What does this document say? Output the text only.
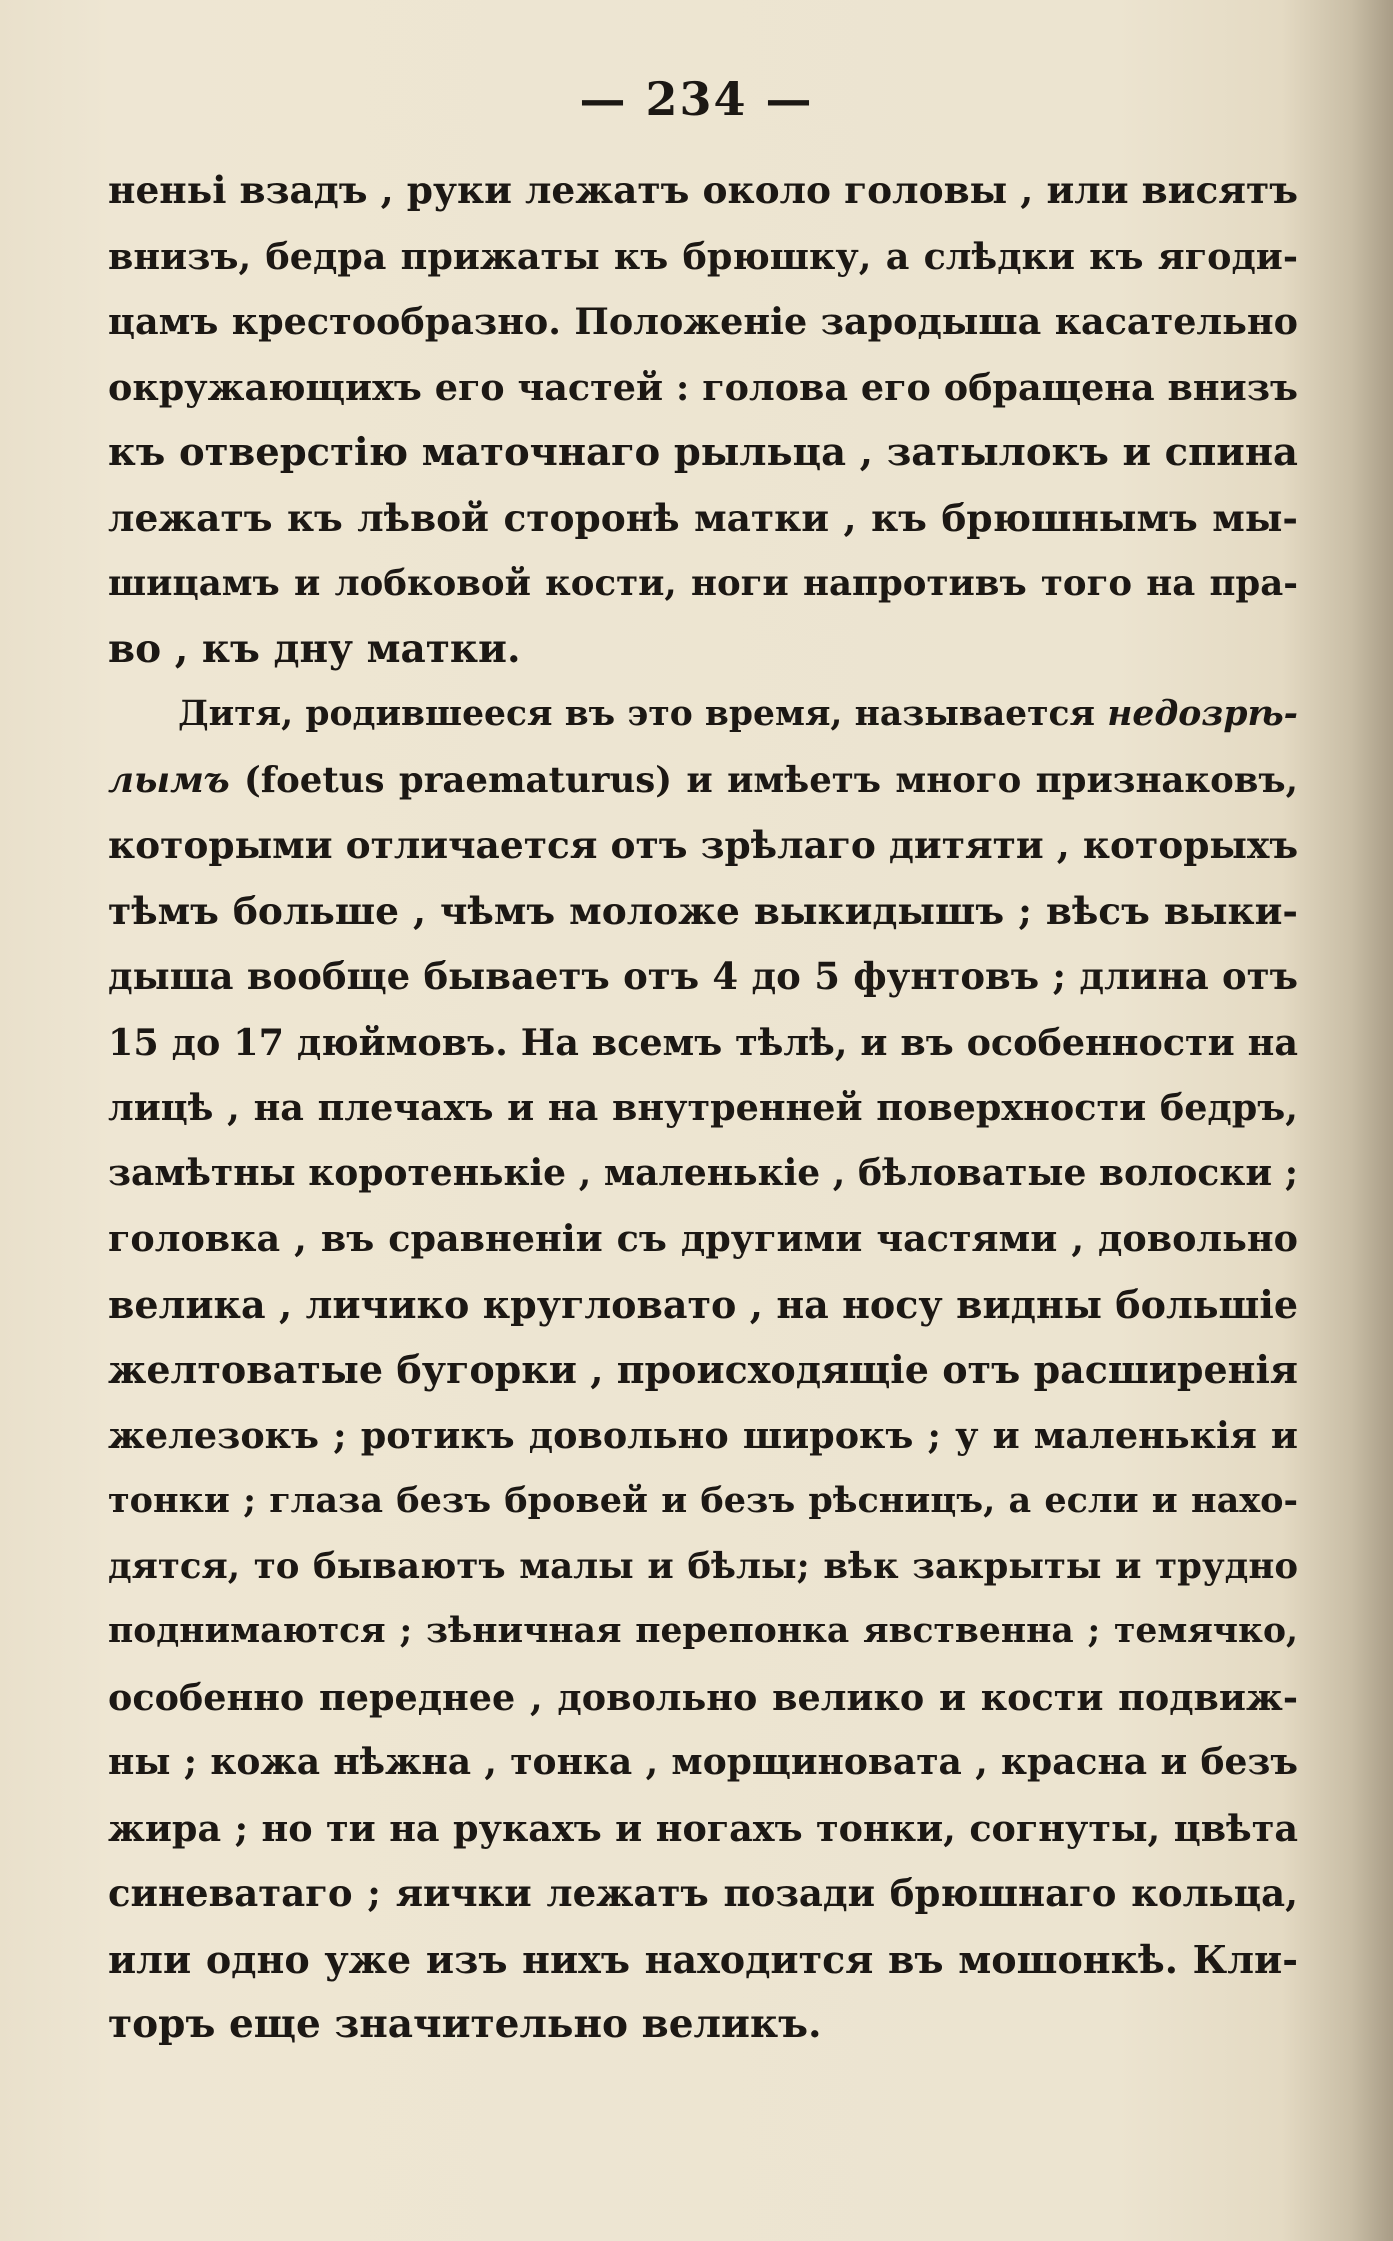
— 234 —
неньі взадъ , руки лежатъ около головы , или висятъ
внизъ, бедра прижаты къ брюшку, а слѣдки къ ягоди-
цамъ крестообразно. Положеніе зародыша касательно
окружающихъ его частей : голова его обращена внизъ
къ отверстію маточнаго рыльца , затылокъ и спина
лежатъ къ лѣвой сторонѣ матки , къ брюшнымъ мы-
шицамъ и лобковой кости, ноги напротивъ того на пра-
во , къ дну матки.
Дитя, родившееся въ это время, называется недозрѣ-
лымъ (foetus praematurus) и имѣетъ много признаковъ,
которыми отличается отъ зрѣлаго дитяти , которыхъ
тѣмъ больше , чѣмъ моложе выкидышъ ; вѣсъ выки-
дыша вообще бываетъ отъ 4 до 5 фунтовъ ; длина отъ
15 до 17 дюймовъ. На всемъ тѣлѣ, и въ особенности на
лицѣ , на плечахъ и на внутренней поверхности бедръ,
замѣтны коротенькіе , маленькіе , бѣловатые волоски ;
головка , въ сравненіи съ другими частями , довольно
велика , личико кругловато , на носу видны большіе
желтоватые бугорки , происходящіе отъ расширенія
железокъ ; ротикъ довольно широкъ ; у и маленькія и
тонки ; глаза безъ бровей и безъ рѣсницъ, а если и нахо-
дятся, то бываютъ малы и бѣлы; вѣк закрыты и трудно
поднимаются ; зѣничная перепонка явственна ; темячко,
особенно переднее , довольно велико и кости подвиж-
ны ; кожа нѣжна , тонка , морщиновата , красна и безъ
жира ; но ти на рукахъ и ногахъ тонки, согнуты, цвѣта
синеватаго ; яички лежатъ позади брюшнаго кольца,
или одно уже изъ нихъ находится въ мошонкѣ. Кли-
торъ еще значительно великъ.
